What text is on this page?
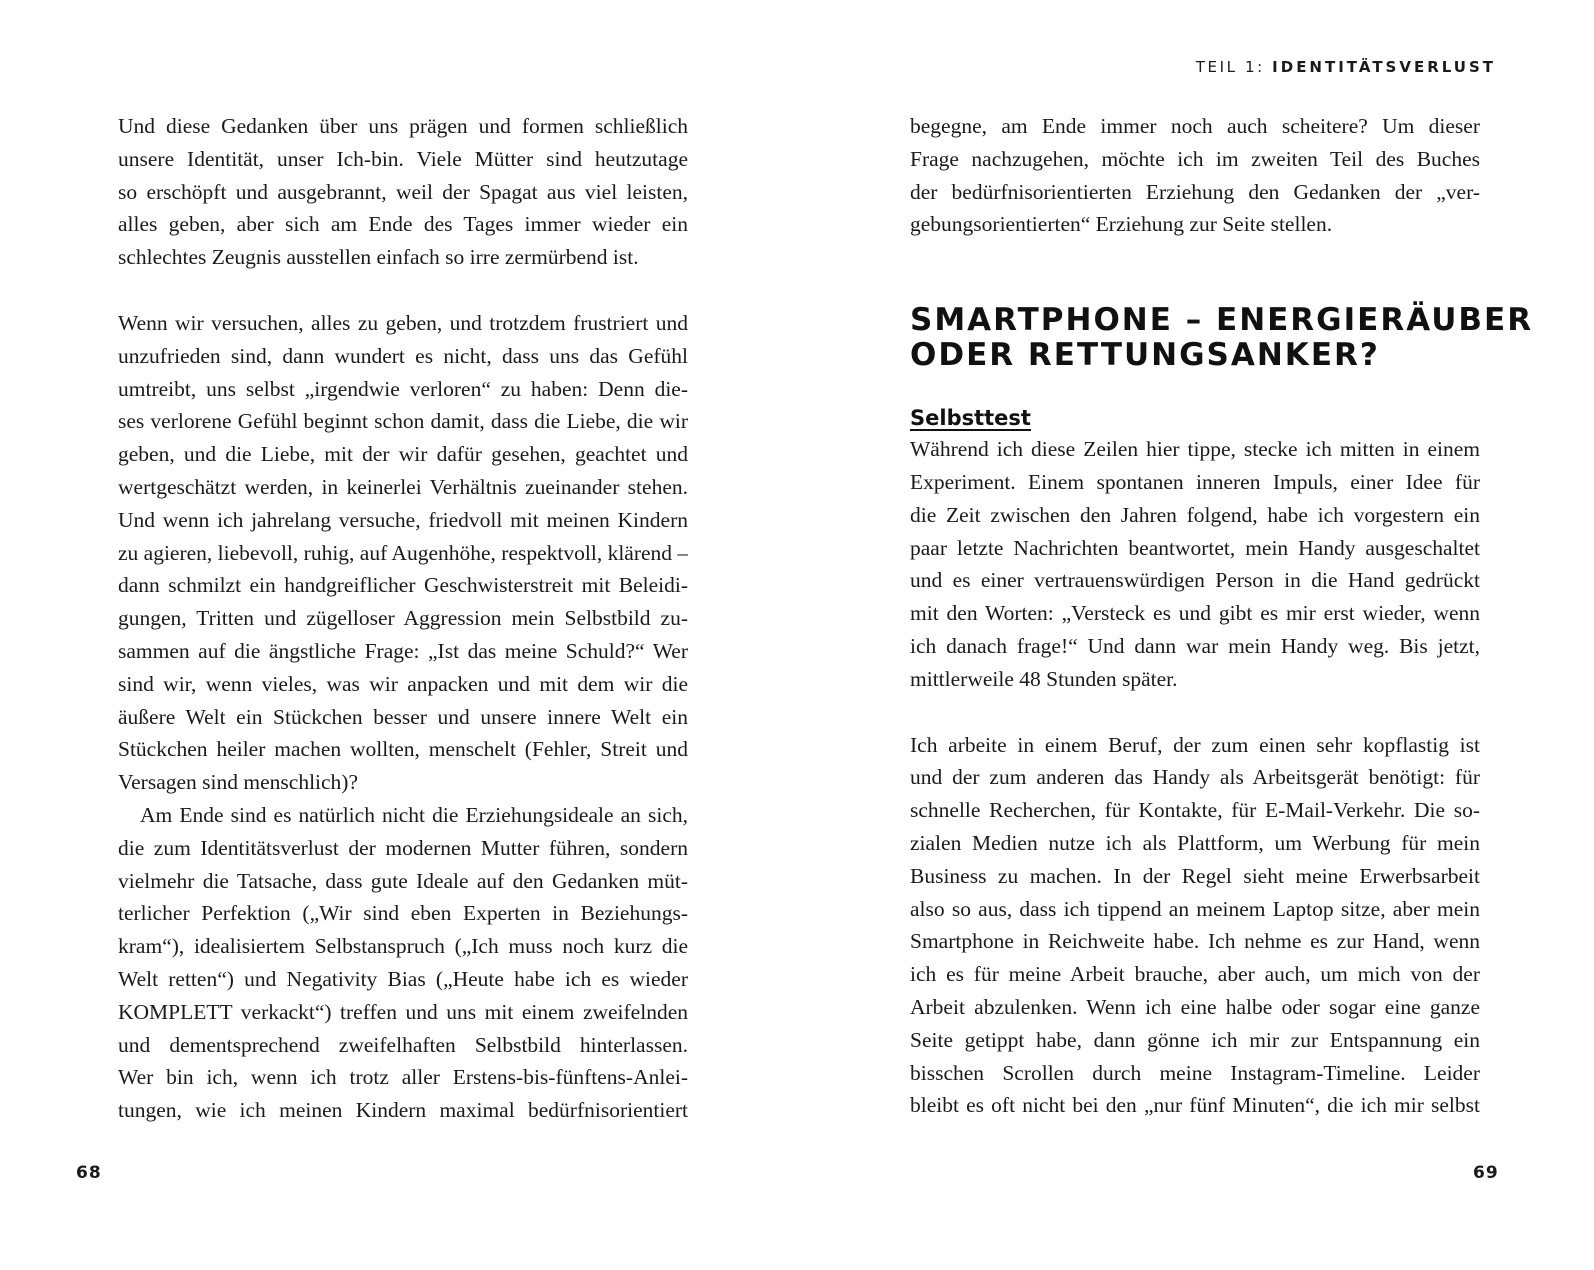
TEIL 1: IDENTITÄTSVERLUST
Und diese Gedanken über uns prägen und formen schließlich
unsere Identität, unser Ich-bin. Viele Mütter sind heutzutage
so erschöpft und ausgebrannt, weil der Spagat aus viel leisten,
alles geben, aber sich am Ende des Tages immer wieder ein
schlechtes Zeugnis ausstellen einfach so irre zermürbend ist.
Wenn wir versuchen, alles zu geben, und trotzdem frustriert und
unzufrieden sind, dann wundert es nicht, dass uns das Gefühl
umtreibt, uns selbst „irgendwie verloren“ zu haben: Denn die-
ses verlorene Gefühl beginnt schon damit, dass die Liebe, die wir
geben, und die Liebe, mit der wir dafür gesehen, geachtet und
wertgeschätzt werden, in keinerlei Verhältnis zueinander stehen.
Und wenn ich jahrelang versuche, friedvoll mit meinen Kindern
zu agieren, liebevoll, ruhig, auf Augenhöhe, respektvoll, klärend –
dann schmilzt ein handgreiflicher Geschwisterstreit mit Beleidi-
gungen, Tritten und zügelloser Aggression mein Selbstbild zu-
sammen auf die ängstliche Frage: „Ist das meine Schuld?“ Wer
sind wir, wenn vieles, was wir anpacken und mit dem wir die
äußere Welt ein Stückchen besser und unsere innere Welt ein
Stückchen heiler machen wollten, menschelt (Fehler, Streit und
Versagen sind menschlich)?
Am Ende sind es natürlich nicht die Erziehungsideale an sich,
die zum Identitätsverlust der modernen Mutter führen, sondern
vielmehr die Tatsache, dass gute Ideale auf den Gedanken müt-
terlicher Perfektion („Wir sind eben Experten in Beziehungs-
kram“), idealisiertem Selbstanspruch („Ich muss noch kurz die
Welt retten“) und Negativity Bias („Heute habe ich es wieder
KOMPLETT verkackt“) treffen und uns mit einem zweifelnden
und dementsprechend zweifelhaften Selbstbild hinterlassen.
Wer bin ich, wenn ich trotz aller Erstens-bis-fünftens-Anlei-
tungen, wie ich meinen Kindern maximal bedürfnisorientiert
begegne, am Ende immer noch auch scheitere? Um dieser
Frage nachzugehen, möchte ich im zweiten Teil des Buches
der bedürfnisorientierten Erziehung den Gedanken der „ver-
gebungsorientierten“ Erziehung zur Seite stellen.
SMARTPHONE – ENERGIERÄUBER
ODER RETTUNGSANKER?
Selbsttest
Während ich diese Zeilen hier tippe, stecke ich mitten in einem
Experiment. Einem spontanen inneren Impuls, einer Idee für
die Zeit zwischen den Jahren folgend, habe ich vorgestern ein
paar letzte Nachrichten beantwortet, mein Handy ausgeschaltet
und es einer vertrauenswürdigen Person in die Hand gedrückt
mit den Worten: „Versteck es und gibt es mir erst wieder, wenn
ich danach frage!“ Und dann war mein Handy weg. Bis jetzt,
mittlerweile 48 Stunden später.
Ich arbeite in einem Beruf, der zum einen sehr kopflastig ist
und der zum anderen das Handy als Arbeitsgerät benötigt: für
schnelle Recherchen, für Kontakte, für E-Mail-Verkehr. Die so-
zialen Medien nutze ich als Plattform, um Werbung für mein
Business zu machen. In der Regel sieht meine Erwerbsarbeit
also so aus, dass ich tippend an meinem Laptop sitze, aber mein
Smartphone in Reichweite habe. Ich nehme es zur Hand, wenn
ich es für meine Arbeit brauche, aber auch, um mich von der
Arbeit abzulenken. Wenn ich eine halbe oder sogar eine ganze
Seite getippt habe, dann gönne ich mir zur Entspannung ein
bisschen Scrollen durch meine Instagram-Timeline. Leider
bleibt es oft nicht bei den „nur fünf Minuten“, die ich mir selbst
68	69
